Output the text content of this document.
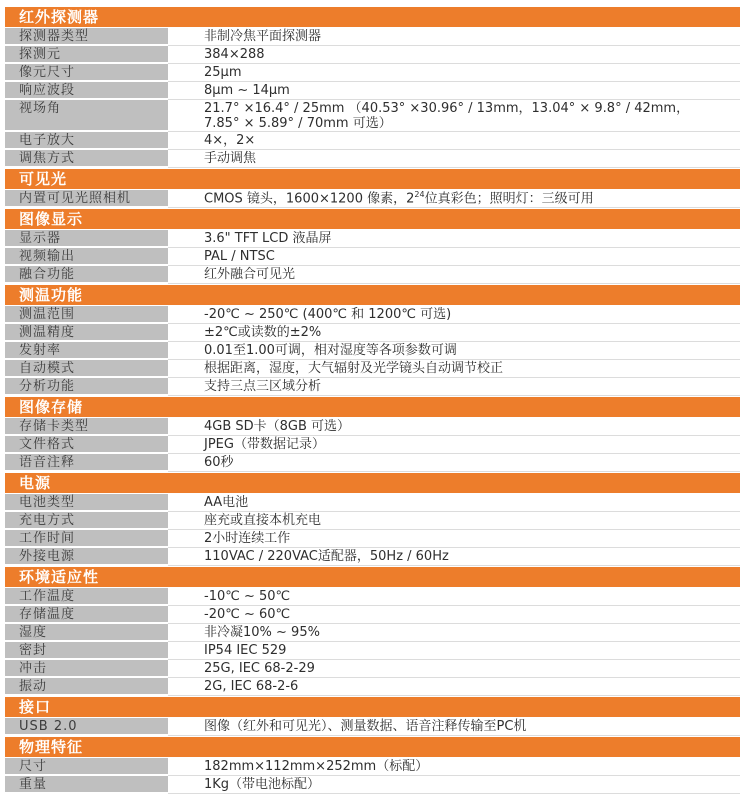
红外探测器
探测器类型	非制冷焦平面探测器
探测元	384×288
像元尺寸	25μm
响应波段	8μm ~ 14μm
视场角	21.7° ×16.4° / 25mm （40.53° ×30.96° / 13mm，13.04° × 9.8° / 42mm，
7.85° × 5.89° / 70mm 可选）
电子放大	4×，2×
调焦方式	手动调焦
可见光
内置可见光照相机	CMOS 镜头，1600×1200 像素，$2^{24}$位真彩色；照明灯：三级可用
图像显示
显示器	3.6" TFT LCD 液晶屏
视频输出	PAL / NTSC
融合功能	红外融合可见光
测温功能
测温范围	-20℃ ~ 250℃ (400℃ 和 1200℃ 可选)
测温精度	±2℃或读数的±2%
发射率	0.01至1.00可调，相对湿度等各项参数可调
自动模式	根据距离，湿度，大气辐射及光学镜头自动调节校正
分析功能	支持三点三区域分析
图像存储
存储卡类型	4GB SD卡（8GB 可选）
文件格式	JPEG（带数据记录）
语音注释	60秒
电源
电池类型	AA电池
充电方式	座充或直接本机充电
工作时间	2小时连续工作
外接电源	110VAC / 220VAC适配器，50Hz / 60Hz
环境适应性
工作温度	-10℃ ~ 50℃
存储温度	-20℃ ~ 60℃
湿度	非冷凝10% ~ 95%
密封	IP54 IEC 529
冲击	25G, IEC 68-2-29
振动	2G, IEC 68-2-6
接口
USB 2.0	图像（红外和可见光）、测量数据、语音注释传输至PC机
物理特征
尺寸	182mm×112mm×252mm（标配）
重量	1Kg（带电池标配）
